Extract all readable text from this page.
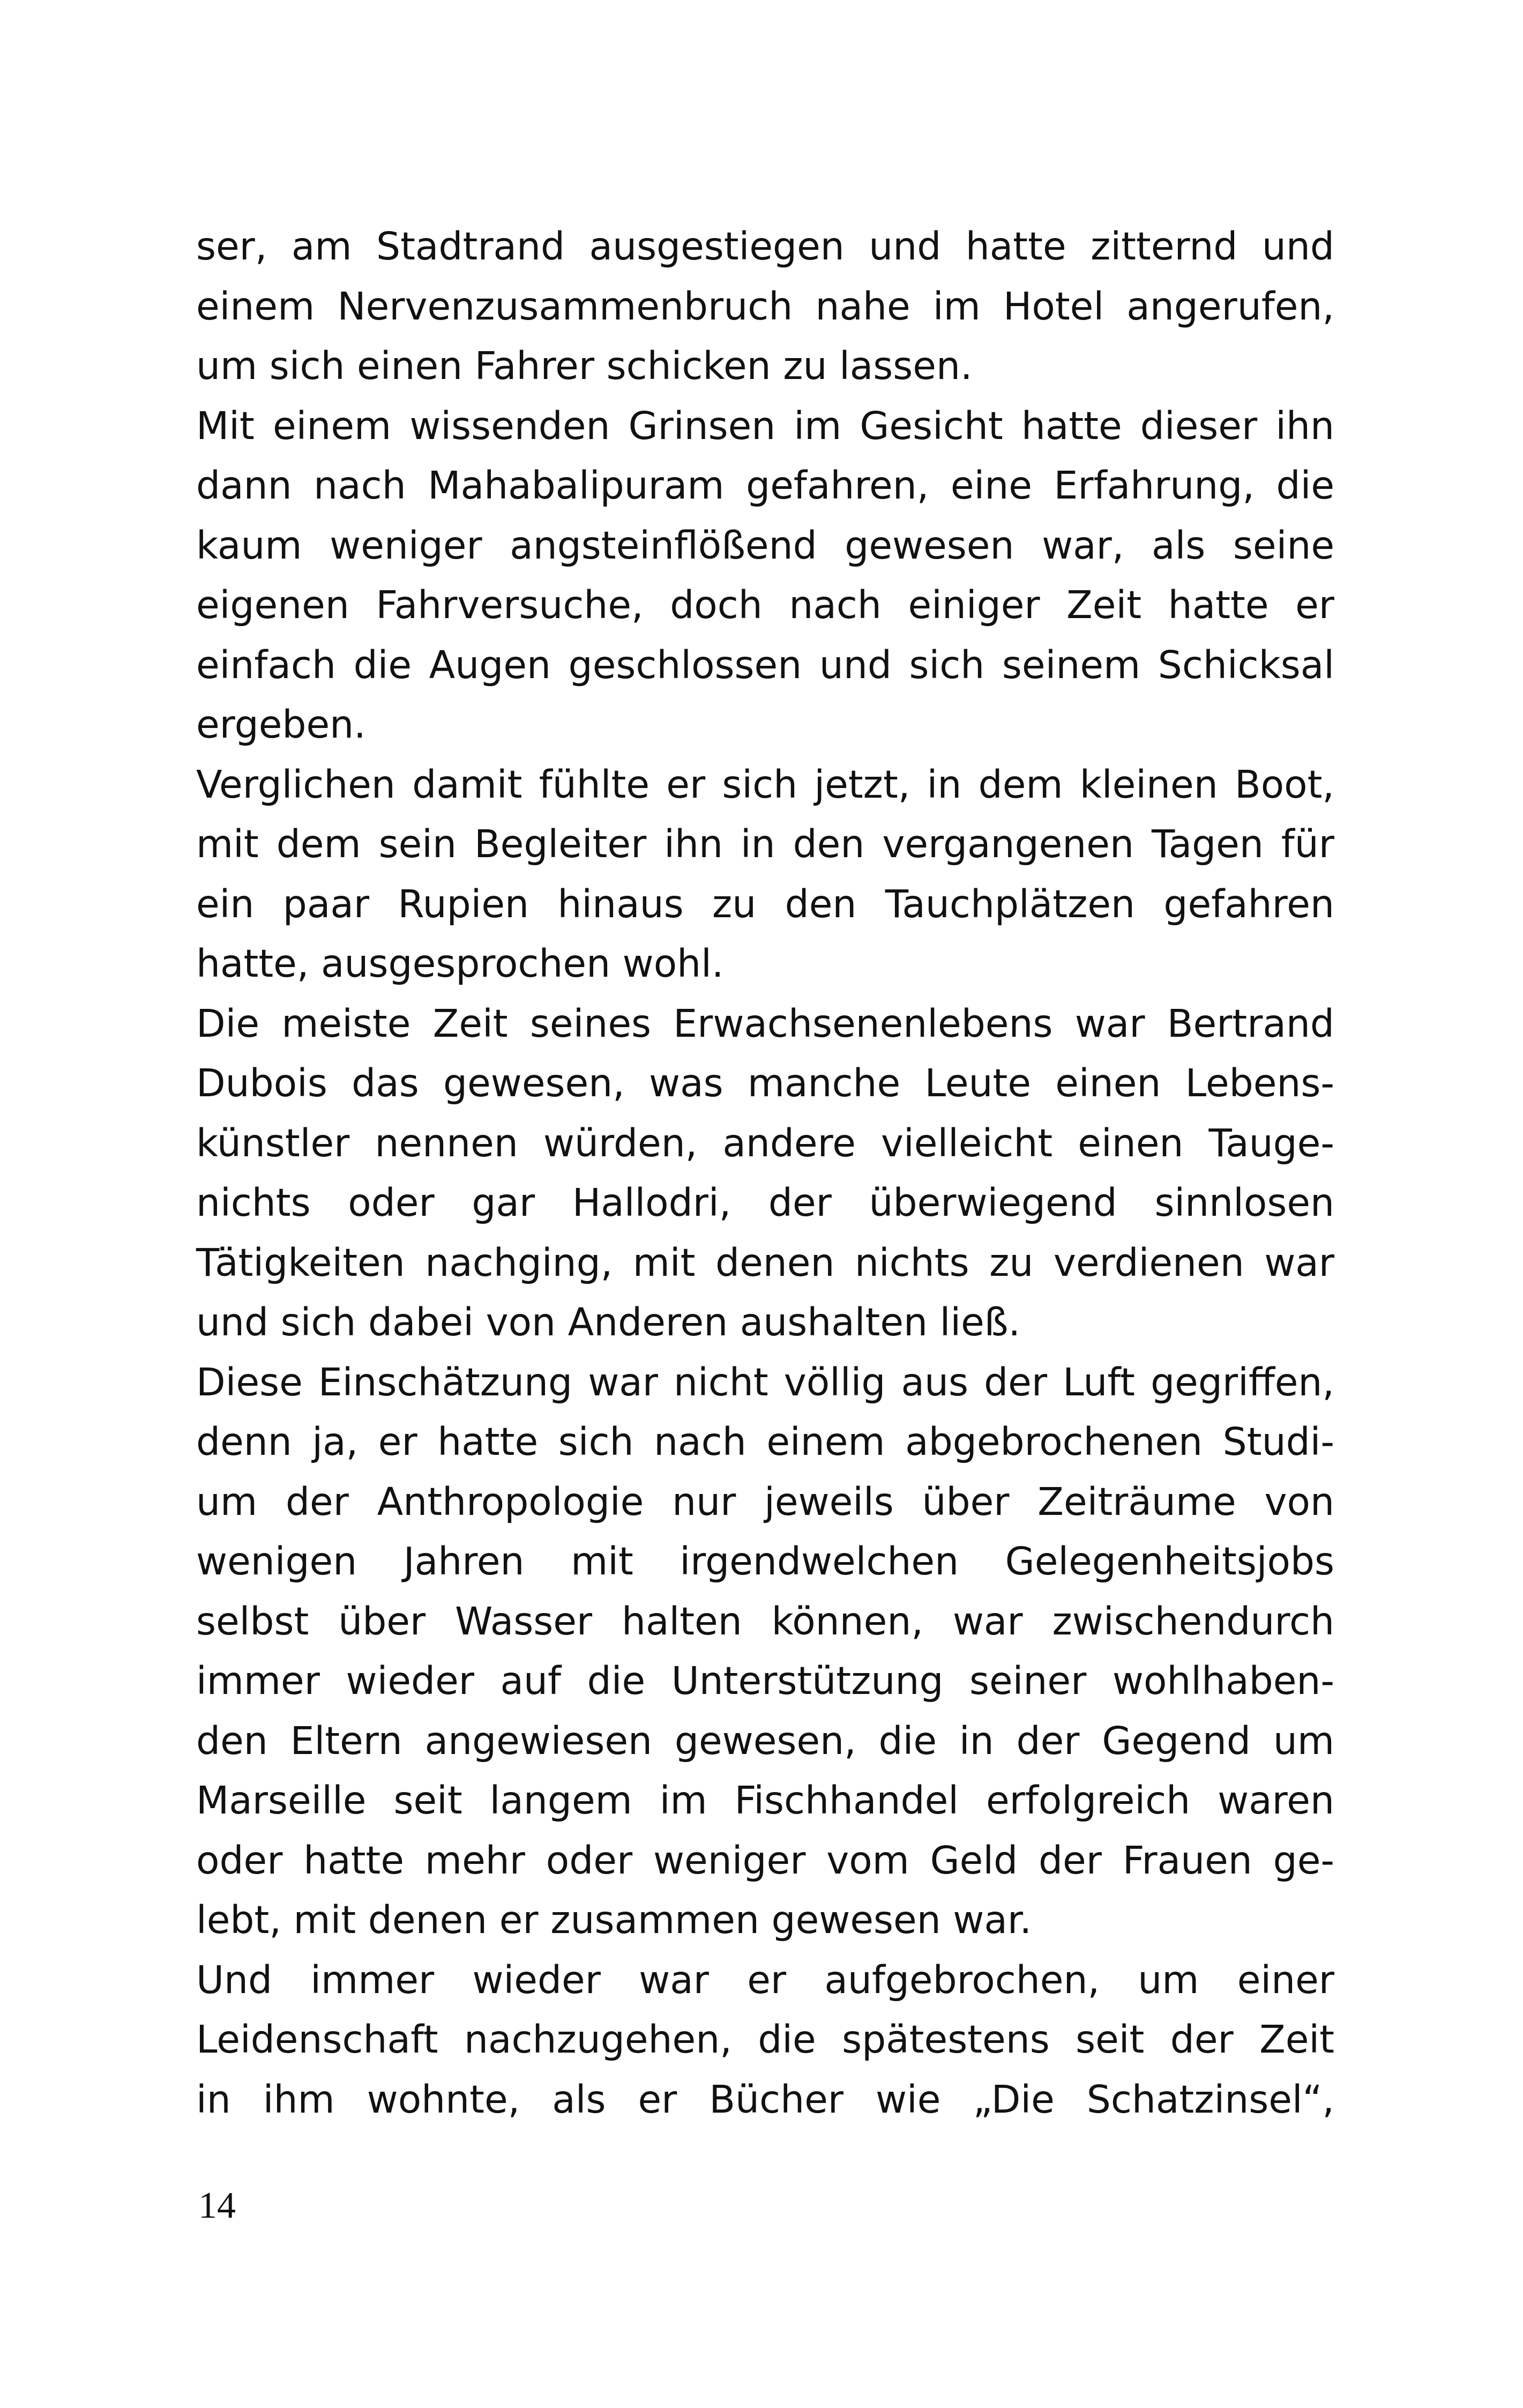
ser, am Stadtrand ausgestiegen und hatte zitternd und
einem Nervenzusammenbruch nahe im Hotel angerufen,
um sich einen Fahrer schicken zu lassen.
Mit einem wissenden Grinsen im Gesicht hatte dieser ihn
dann nach Mahabalipuram gefahren, eine Erfahrung, die
kaum weniger angsteinflößend gewesen war, als seine
eigenen Fahrversuche, doch nach einiger Zeit hatte er
einfach die Augen geschlossen und sich seinem Schicksal
ergeben.
Verglichen damit fühlte er sich jetzt, in dem kleinen Boot,
mit dem sein Begleiter ihn in den vergangenen Tagen für
ein paar Rupien hinaus zu den Tauchplätzen gefahren
hatte, ausgesprochen wohl.
Die meiste Zeit seines Erwachsenenlebens war Bertrand
Dubois das gewesen, was manche Leute einen Lebens-
künstler nennen würden, andere vielleicht einen Tauge-
nichts oder gar Hallodri, der überwiegend sinnlosen
Tätigkeiten nachging, mit denen nichts zu verdienen war
und sich dabei von Anderen aushalten ließ.
Diese Einschätzung war nicht völlig aus der Luft gegriffen,
denn ja, er hatte sich nach einem abgebrochenen Studi-
um der Anthropologie nur jeweils über Zeiträume von
wenigen Jahren mit irgendwelchen Gelegenheitsjobs
selbst über Wasser halten können, war zwischendurch
immer wieder auf die Unterstützung seiner wohlhaben-
den Eltern angewiesen gewesen, die in der Gegend um
Marseille seit langem im Fischhandel erfolgreich waren
oder hatte mehr oder weniger vom Geld der Frauen ge-
lebt, mit denen er zusammen gewesen war.
Und immer wieder war er aufgebrochen, um einer
Leidenschaft nachzugehen, die spätestens seit der Zeit
in ihm wohnte, als er Bücher wie „Die Schatzinsel“,
14
